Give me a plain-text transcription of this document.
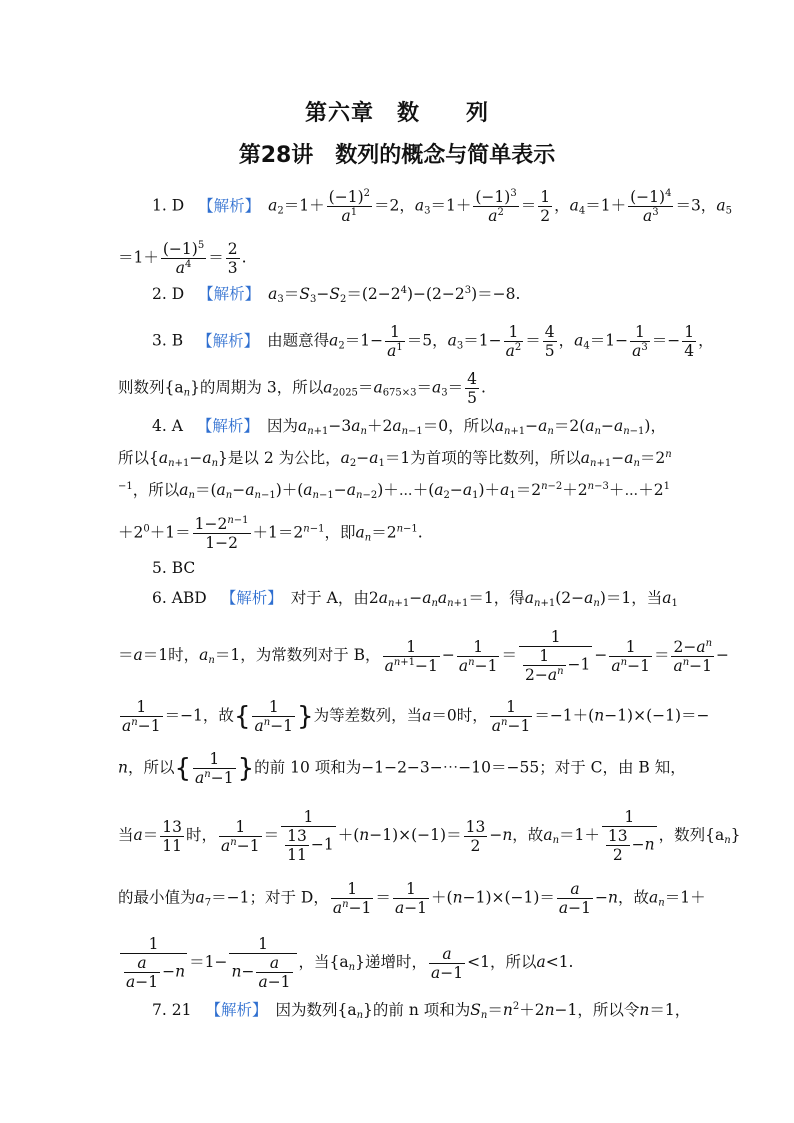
第六章　数　　列
第28讲　数列的概念与简单表示
1. D 【解析】 $a_2=1+ \frac{(-1)^2}{a^1} =2$，$a_3=1+ \frac{(-1)^3}{a^2} = \frac{1}{2}$ ，$a_4=1+ \frac{(-1)^4}{a^3} =3$，$a_5$
$=1+ \frac{(-1)^5}{a^4} = \frac{2}{3}$ .
2. D 【解析】 $a_3=S_3-S_2=(2-2^4)-(2-2^3)=-8$.
3. B 【解析】 由题意得$a_2=1- \frac{1}{a^1} =5$，$a_3=1- \frac{1}{a^2} = \frac{4}{5}$ ，$a_4=1- \frac{1}{a^3} =- \frac{1}{4}$ ，
则数列$\{a_n\}$的周期为 3，所以$a_{2025}=a_{675\times 3}=a_3= \frac{4}{5}$ .
4. A 【解析】 因为$a_{n+1}-3a_n+2a_{n-1}=0$，所以$a_{n+1}-a_n=2(a_n-a_{n-1})$，
所以$\{a_{n+1}-a_n\}$是以 2 为公比，$a_2-a_1=1$为首项的等比数列，所以$a_{n+1}-a_n=2^n$
$^{-1}$，所以$a_n=(a_n-a_{n-1})+(a_{n-1}-a_{n-2})+\cdots+(a_2-a_1)+a_1=2^{n-2}+2^{n-3}+\cdots+2^1$
$+2^0+1= \frac{1-2^{n-1}}{1-2} +1=2^{n-1}$，即$a_n=2^{n-1}$.
5. BC
6. ABD 【解析】 对于 A，由$2a_{n+1}-a_na_{n+1}=1$，得$a_{n+1}(2-a_n)=1$，当$a_1$
＝a＝1时，$a_n=1$，为常数列对于 B， $\frac{1}{a^{n+1}-1} - \frac{1}{a^n-1} = \frac{1}{\frac{1}{2-a^n} -1} - \frac{1}{a^n-1} = \frac{2-a^n}{a^n-1}$ −
$\frac{1}{a^n-1} =-1$，故{ $\frac{1}{a^n-1}$ }为等差数列，当a＝0时， $\frac{1}{a^n-1} =-1+(n-1)\times(-1)=-$
n，所以{ $\frac{1}{a^n-1}$ }的前 10 项和为−1−2−3−⋯−10＝−55；对于 C，由 B 知，
当$a= \frac{13}{11}$ 时， $\frac{1}{a^n-1} = \frac{1}{\frac{13}{11} -1} +(n-1)\times(-1)= \frac{13}{2} -n$，故$a_n=1+ \frac{1}{\frac{13}{2} -n}$ ，数列$\{a_n\}$
的最小值为$a_7=-1$；对于 D， $\frac{1}{a^n-1} = \frac{1}{a-1} +(n-1)\times(-1)= \frac{a}{a-1} -n$，故$a_n=1+$
$\frac{1}{\frac{a}{a-1} -n} =1- \frac{1}{n- \frac{a}{a-1}}$ ，当$\{a_n\}$递增时， $\frac{a}{a-1} <1$，所以a<1.
7. 21 【解析】 因为数列$\{a_n\}$的前 n 项和为$S_n=n^2+2n-1$，所以令n＝1，
